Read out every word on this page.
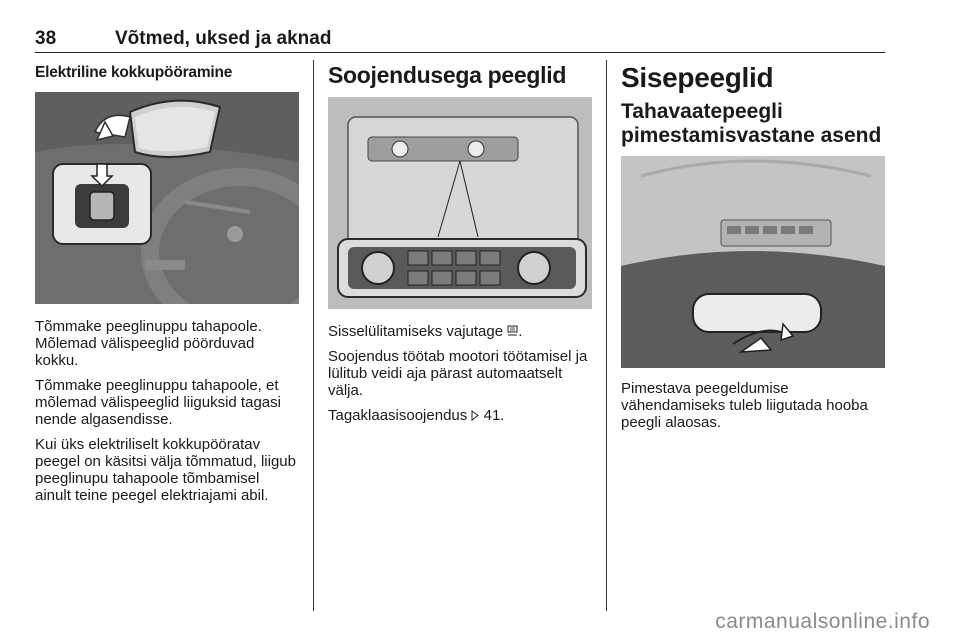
38	Võtmed, uksed ja aknad
Elektriline kokkupööramine

Tõmmake peeglinuppu tahapoole. Mõlemad välispeeglid pöörduvad kokku.

Tõmmake peeglinuppu tahapoole, et mõlemad välispeeglid liiguksid tagasi nende algasendisse.

Kui üks elektriliselt kokkupööratav peegel on käsitsi välja tõmmatud, liigub peeglinupu tahapoole tõmbamisel ainult teine peegel elektriajami abil.

Soojendusega peeglid

Sisselülitamiseks vajutage .

Soojendus töötab mootori töötamisel ja lülitub veidi aja pärast automaatselt välja.

Tagaklaasisoojendus 41.

Sisepeeglid
Tahavaatepeegli
pimestamisvastane asend

Pimestava peegeldumise vähendamiseks tuleb liigutada hooba peegli alaosas.

carmanualsonline.info
